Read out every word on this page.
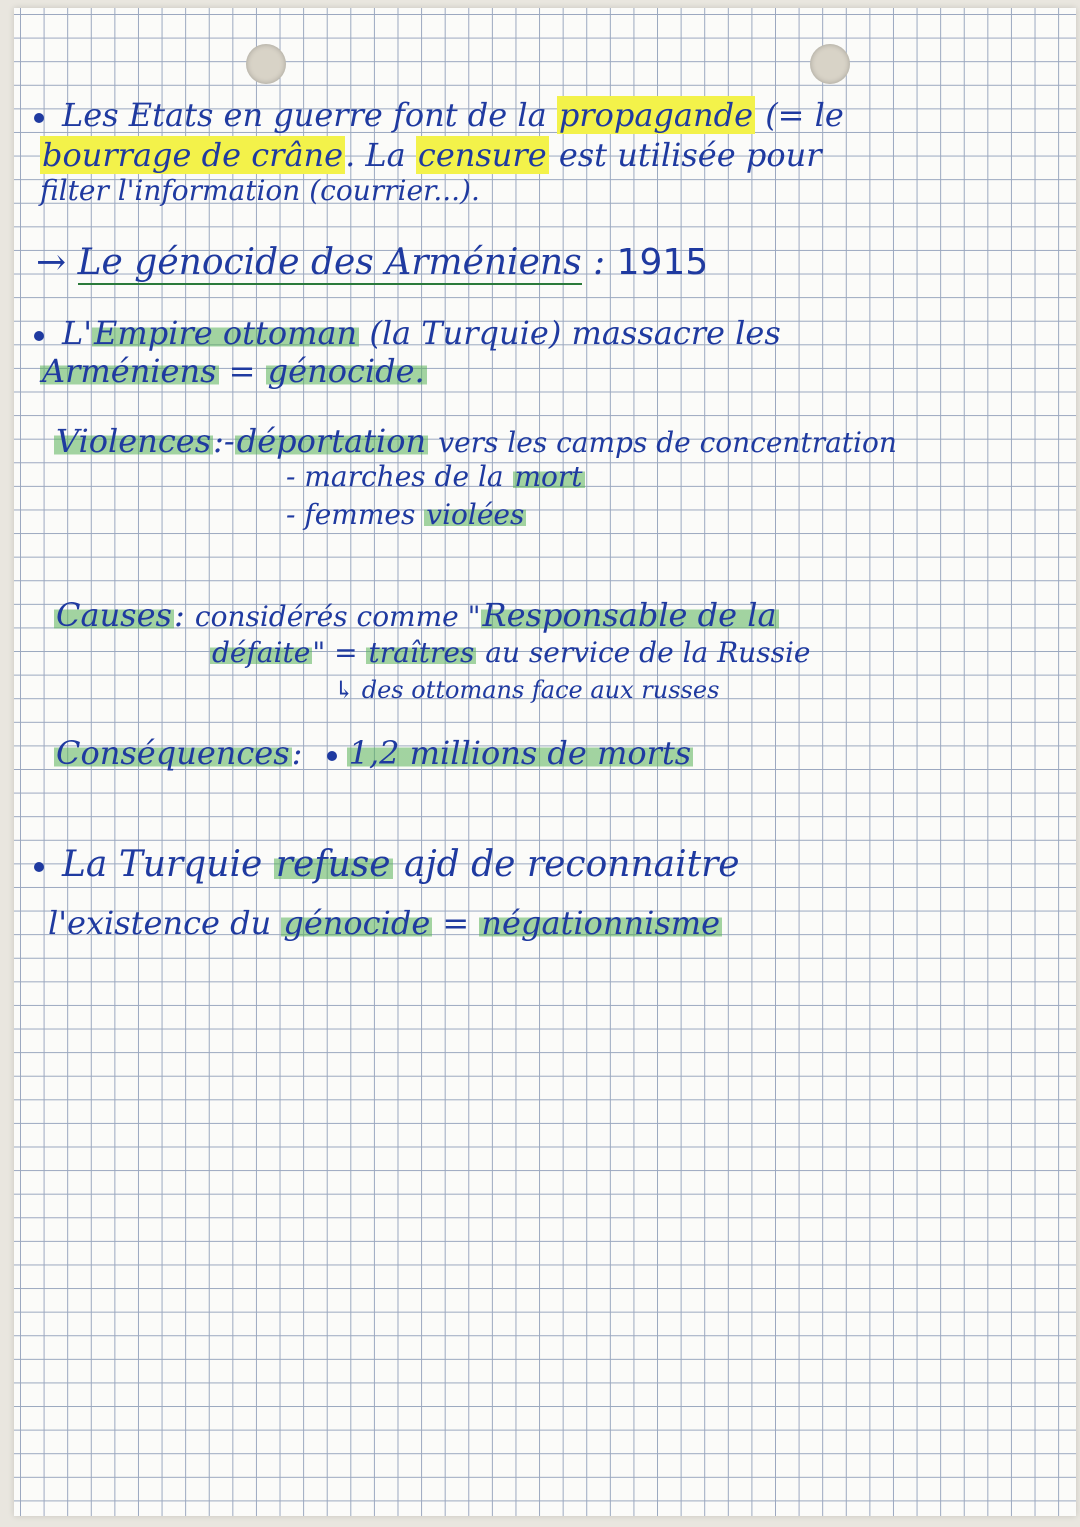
Les Etats en guerre font de la propagande (= le
bourrage de crâne. La censure est utilisée pour
filter l'information (courrier...).
→ Le génocide des Arméniens : 1915
L'Empire ottoman (la Turquie) massacre les
Arméniens = génocide.
Violences:-déportation vers les camps de concentration
- marches de la mort
- femmes violées
Causes: considérés comme "Responsable de la
défaite" = traîtres au service de la Russie
↳ des ottomans face aux russes
Conséquences: 1,2 millions de morts
La Turquie refuse ajd de reconnaitre
l'existence du génocide = négationnisme
